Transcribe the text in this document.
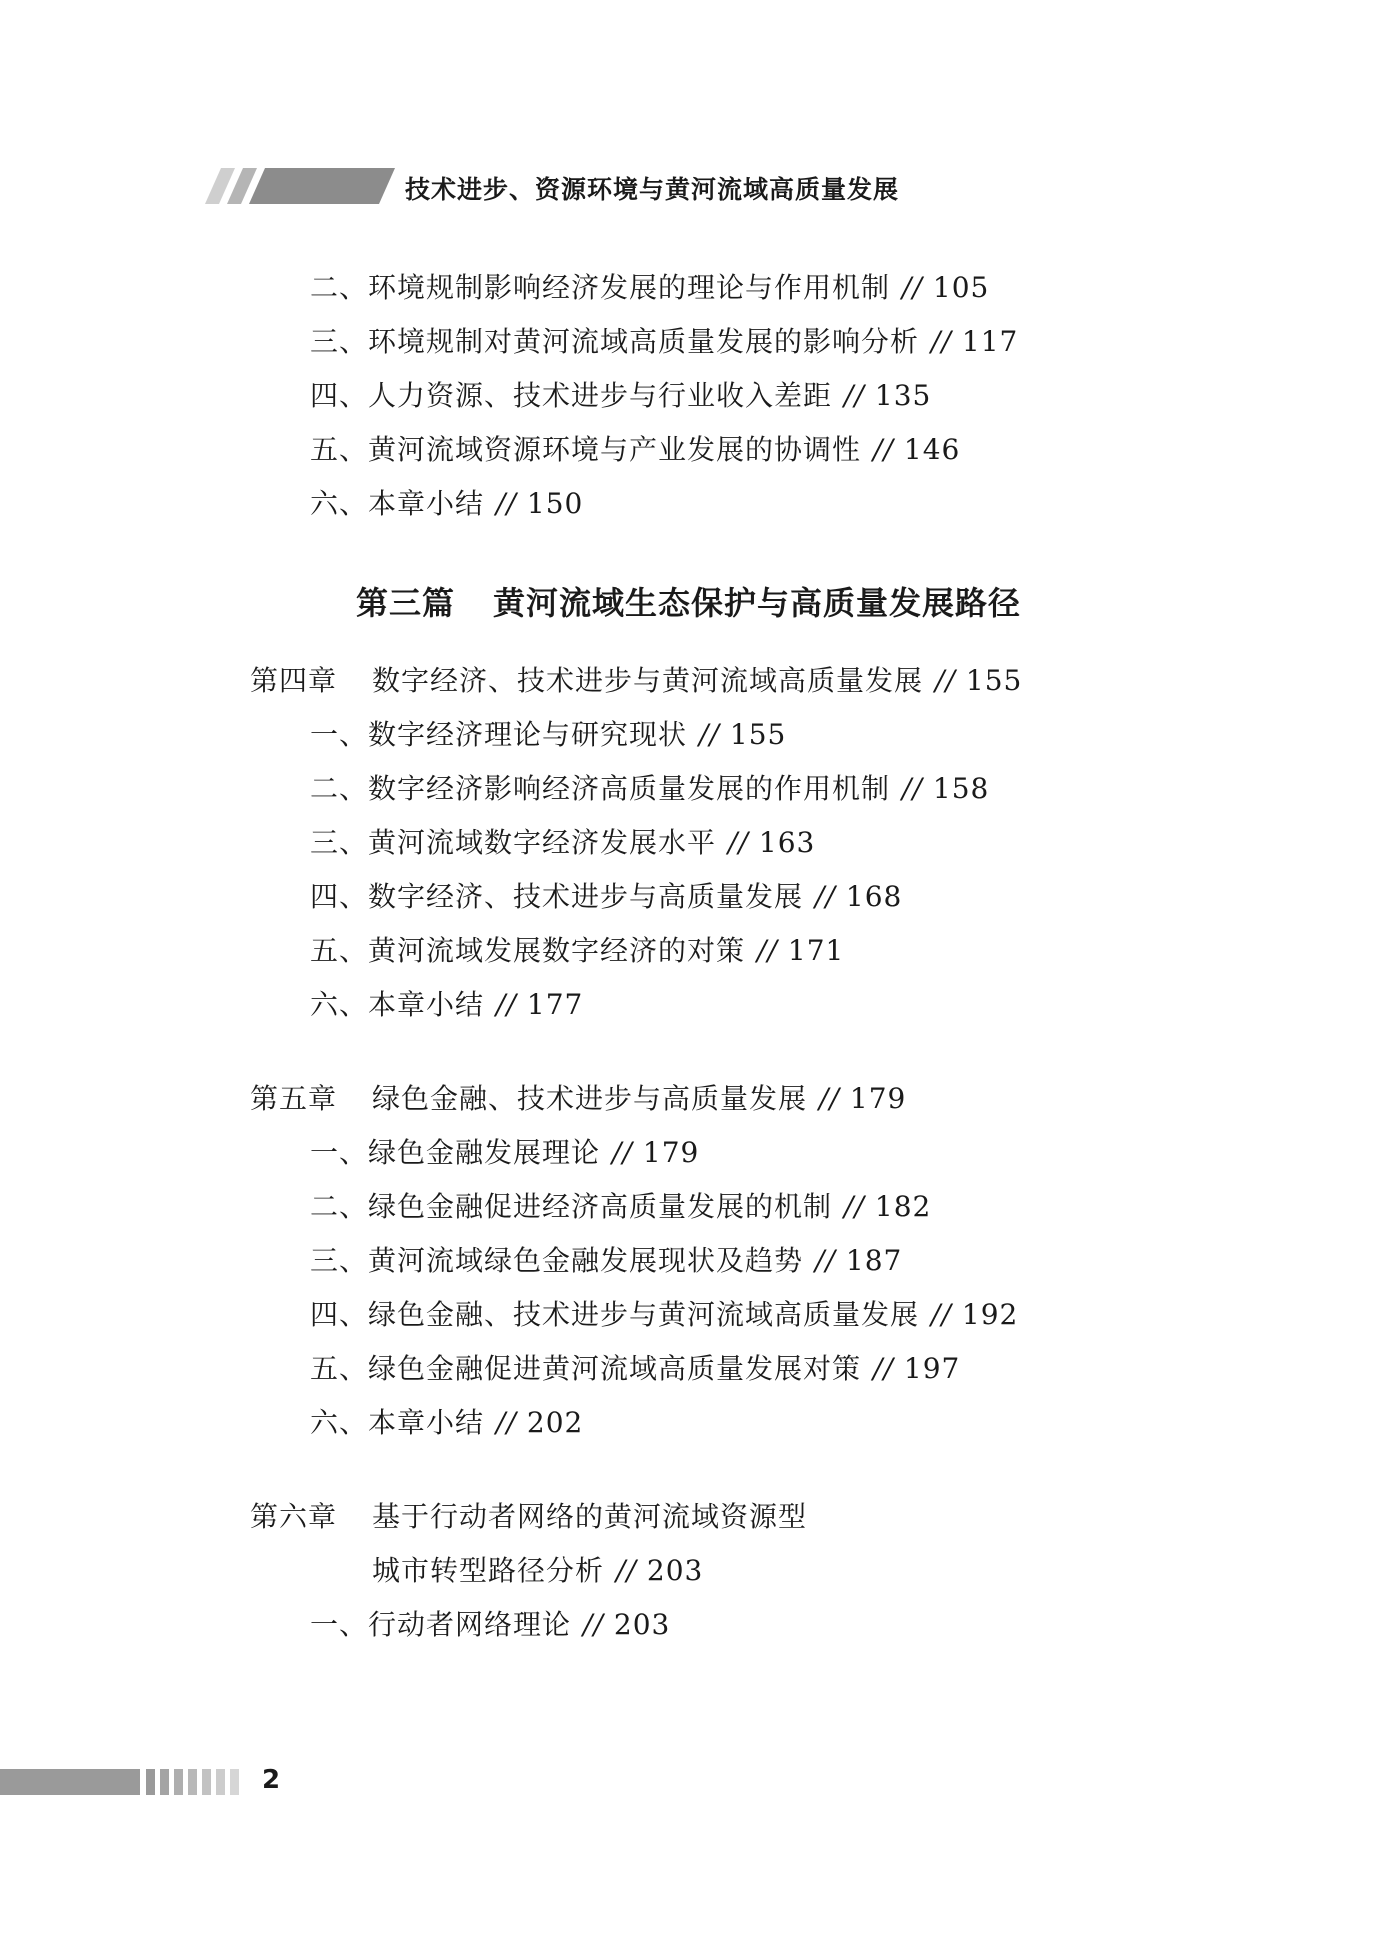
技术进步、资源环境与黄河流域高质量发展
二、环境规制影响经济发展的理论与作用机制 // 105
三、环境规制对黄河流域高质量发展的影响分析 // 117
四、人力资源、技术进步与行业收入差距 // 135
五、黄河流域资源环境与产业发展的协调性 // 146
六、本章小结 // 150
第三篇 黄河流域生态保护与高质量发展路径
第四章 数字经济、技术进步与黄河流域高质量发展 // 155
一、数字经济理论与研究现状 // 155
二、数字经济影响经济高质量发展的作用机制 // 158
三、黄河流域数字经济发展水平 // 163
四、数字经济、技术进步与高质量发展 // 168
五、黄河流域发展数字经济的对策 // 171
六、本章小结 // 177
第五章 绿色金融、技术进步与高质量发展 // 179
一、绿色金融发展理论 // 179
二、绿色金融促进经济高质量发展的机制 // 182
三、黄河流域绿色金融发展现状及趋势 // 187
四、绿色金融、技术进步与黄河流域高质量发展 // 192
五、绿色金融促进黄河流域高质量发展对策 // 197
六、本章小结 // 202
第六章 基于行动者网络的黄河流域资源型
城市转型路径分析 // 203
一、行动者网络理论 // 203
2
